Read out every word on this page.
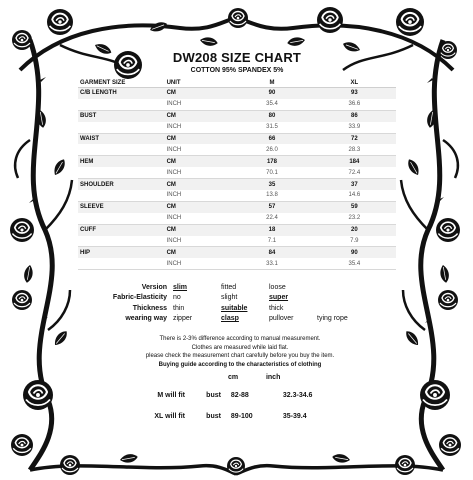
DW208 SIZE CHART
COTTON 95% SPANDEX 5%
GARMENT SIZE	UNIT	M	XL
C/B LENGTH	CM	90	93
	INCH	35.4	36.6
BUST	CM	80	86
	INCH	31.5	33.9
WAIST	CM	66	72
	INCH	26.0	28.3
HEM	CM	178	184
	INCH	70.1	72.4
SHOULDER	CM	35	37
	INCH	13.8	14.6
SLEEVE	CM	57	59
	INCH	22.4	23.2
CUFF	CM	18	20
	INCH	7.1	7.9
HIP	CM	84	90
	INCH	33.1	35.4
Version	slim	fitted	loose	
Fabric-Elasticity	no	slight	super	
Thickness	thin	suitable	thick	
wearing way	zipper	clasp	pullover	tying rope
There is 2-3% difference according to manual measurement.
Clothes are measured while laid flat.
please check the measurement chart carefully before you buy the item.
Buying guide according to the characteristics of clothing
cm	inch
M will fit	bust 82-88	32.3-34.6
XL will fit	bust 89-100	35-39.4
